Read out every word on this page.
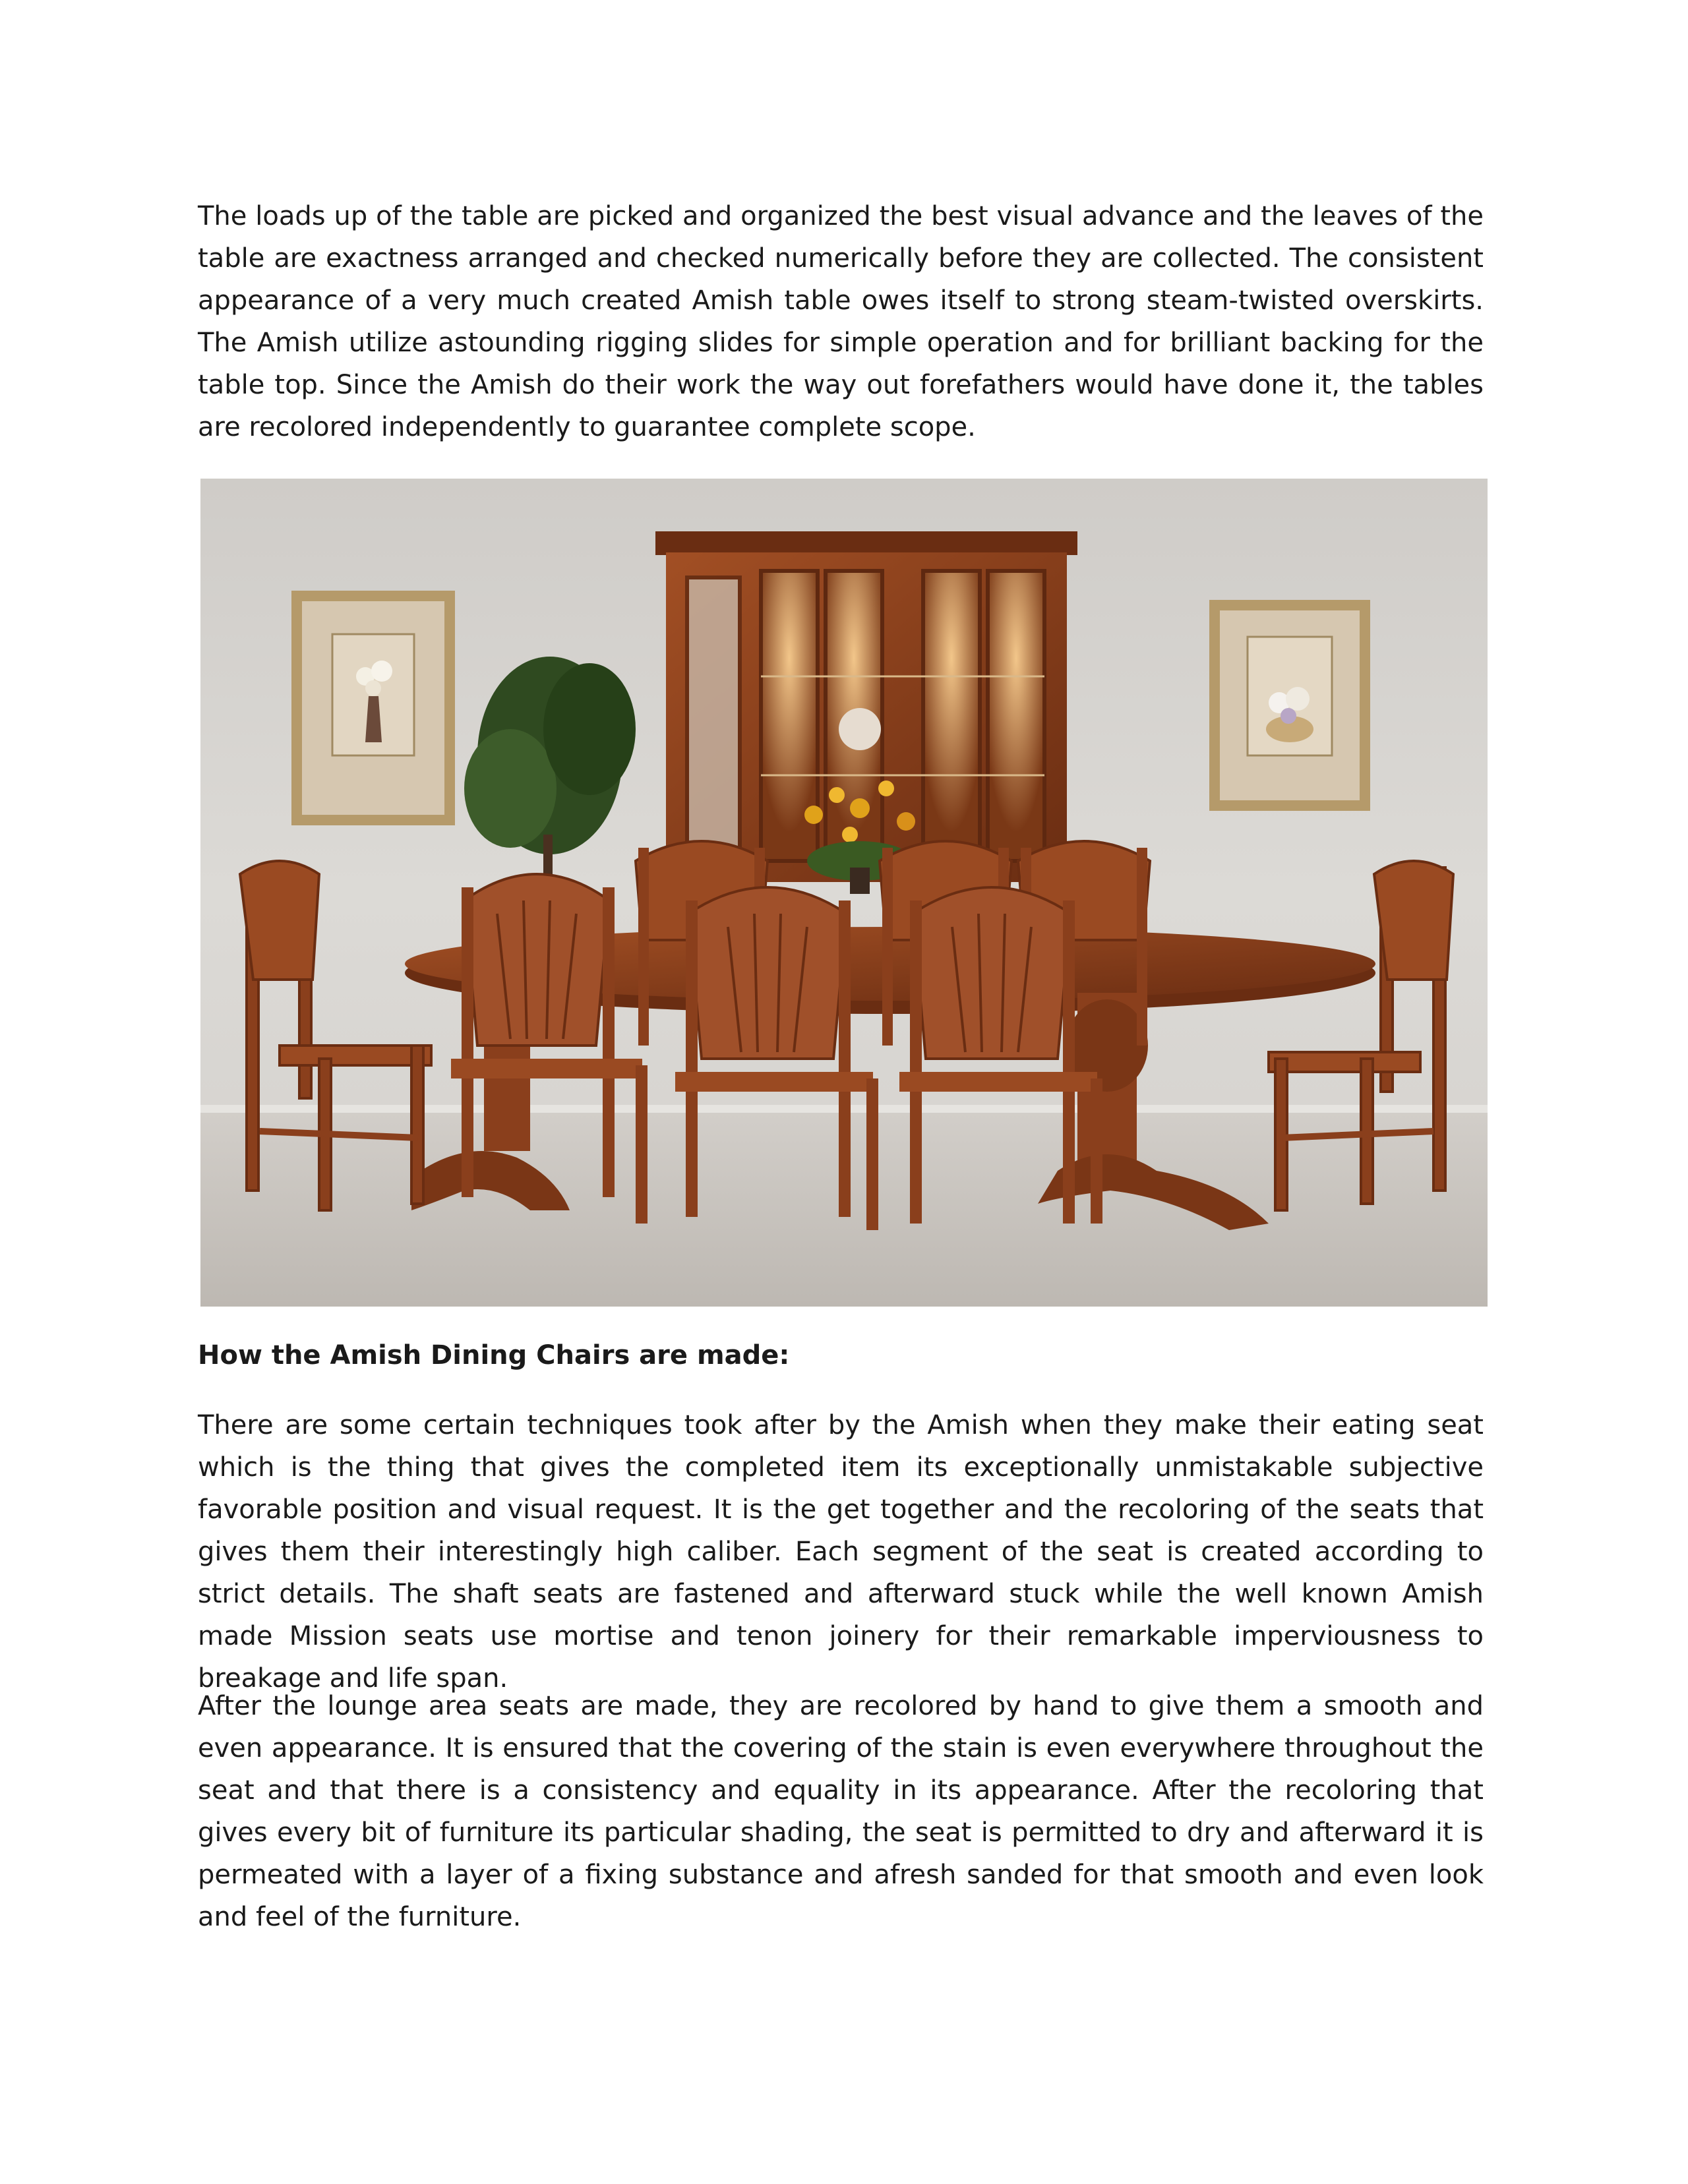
The loads up of the table are picked and organized the best visual advance and the leaves of the table are exactness arranged and checked numerically before they are collected. The consistent appearance of a very much created Amish table owes itself to strong steam-twisted overskirts. The Amish utilize astounding rigging slides for simple operation and for brilliant backing for the table top. Since the Amish do their work the way out forefathers would have done it, the tables are recolored independently to guarantee complete scope.

How the Amish Dining Chairs are made:

There are some certain techniques took after by the Amish when they make their eating seat which is the thing that gives the completed item its exceptionally unmistakable subjective favorable position and visual request. It is the get together and the recoloring of the seats that gives them their interestingly high caliber. Each segment of the seat is created according to strict details. The shaft seats are fastened and afterward stuck while the well known Amish made Mission seats use mortise and tenon joinery for their remarkable imperviousness to breakage and life span.

After the lounge area seats are made, they are recolored by hand to give them a smooth and even appearance. It is ensured that the covering of the stain is even everywhere throughout the seat and that there is a consistency and equality in its appearance. After the recoloring that gives every bit of furniture its particular shading, the seat is permitted to dry and afterward it is permeated with a layer of a fixing substance and afresh sanded for that smooth and even look and feel of the furniture.
